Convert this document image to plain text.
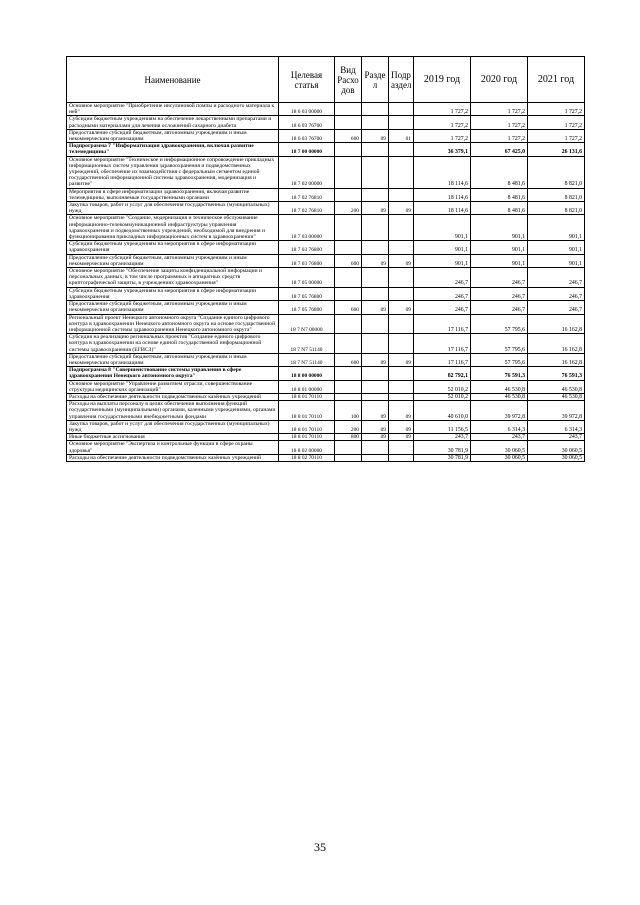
Наименование	Целевая статья	Вид Расхо дов	Разде л	Подр аздел	2019 год	2020 год	2021 год
Основное мероприятие "Приобретение инсулиновой помпы и расходного материала к ней"	18 6 03 00000				1 727,2	1 727,2	1 727,2
Субсидии бюджетным учреждениям на обеспечение лекарственными препаратами и расходными материалами для лечения осложнений сахарного диабета	18 6 03 76700				1 727,2	1 727,2	1 727,2
Предоставление субсидий бюджетным, автономным учреждениям и иным некоммерческим организациям	18 6 03 76700	600	09	01	1 727,2	1 727,2	1 727,2
Подпрограмма 7 "Информатизация здравоохранения, включая развитие телемедицины"	18 7 00 00000				36 379,1	67 425,0	26 131,6
Основное мероприятие "Техническое и информационное сопровождение прикладных информационных систем управления здравоохранения и подведомственных учреждений, обеспечение их взаимодействия с федеральным сегментом единой государственной информационной системы здравоохранения, модернизация и развитие"	18 7 02 00000				18 114,6	8 481,6	8 821,0
Мероприятия в сфере информатизации здравоохранения, включая развитие телемедицины, выполняемые государственными органами	18 7 02 76810				18 114,6	8 481,6	8 821,0
Закупка товаров, работ и услуг для обеспечения государственных (муниципальных) нужд	18 7 02 76810	200	09	09	18 114,6	8 481,6	8 821,0
Основное мероприятие "Создание, модернизация и техническое обслуживание информационно-телекоммуникационной инфраструктуры управления здравоохранения и подведомственных учреждений, необходимой для внедрения и функционирования прикладных информационных систем в здравоохранении"	18 7 03 00000				901,1	901,1	901,1
Субсидии бюджетным учреждениям на мероприятия в сфере информатизации здравоохранения	18 7 03 76800				901,1	901,1	901,1
Предоставление субсидий бюджетным, автономным учреждениям и иным некоммерческим организациям	18 7 03 76800	600	09	09	901,1	901,1	901,1
Основное мероприятие "Обеспечение защиты конфиденциальной информации и персональных данных, в том числе программных и аппаратных средств криптографической защиты, в учреждениях здравоохранения"	18 7 05 00000				246,7	246,7	246,7
Субсидии бюджетным учреждениям на мероприятия в сфере информатизации здравоохранения	18 7 05 76800				246,7	246,7	246,7
Предоставление субсидий бюджетным, автономным учреждениям и иным некоммерческим организациям	18 7 05 76800	600	09	09	246,7	246,7	246,7
Региональный проект Ненецкого автономного округа "Создание единого цифрового контура в здравоохранении Ненецкого автономного округа на основе государственной информационной системы здравоохранения Ненецкого автономного округа"	18 7 N7 00000				17 116,7	57 795,6	16 162,8
Субсидия на реализацию региональных проектов "Создание единого цифрового контура в здравоохранении на основе единой государственной информационной системы здравоохранения (ЕГИСЗ)"	18 7 N7 51140				17 116,7	57 795,6	16 162,8
Предоставление субсидий бюджетным, автономным учреждениям и иным некоммерческим организациям	18 7 N7 51140	600	09	09	17 116,7	57 795,6	16 162,8
Подпрограмма 8 "Совершенствование системы управления в сфере здравоохранения Ненецкого автономного округа"	18 8 00 00000				82 792,1	76 591,3	76 591,3
Основное мероприятие "Управление развитием отрасли, совершенствование структуры медицинских организаций"	18 8 01 00000				52 010,2	46 530,8	46 530,8
Расходы на обеспечение деятельности подведомственных казённых учреждений	18 8 01 70110				52 010,2	46 530,8	46 530,8
Расходы на выплаты персоналу в целях обеспечения выполнения функций государственными (муниципальными) органами, казенными учреждениями, органами управления государственными внебюджетными фондами	18 8 01 70110	100	09	09	40 610,0	39 972,8	39 972,8
Закупка товаров, работ и услуг для обеспечения государственных (муниципальных) нужд	18 8 01 70110	200	09	09	11 156,5	6 314,3	6 314,3
Иные бюджетные ассигнования	18 8 01 70110	800	09	09	243,7	243,7	243,7
Основное мероприятие "Экспертиза и контрольные функции в сфере охраны здоровья"	18 8 02 00000				30 781,9	30 060,5	30 060,5
Расходы на обеспечение деятельности подведомственных казённых учреждений	18 8 02 70110				30 781,9	30 060,5	30 060,5
35
